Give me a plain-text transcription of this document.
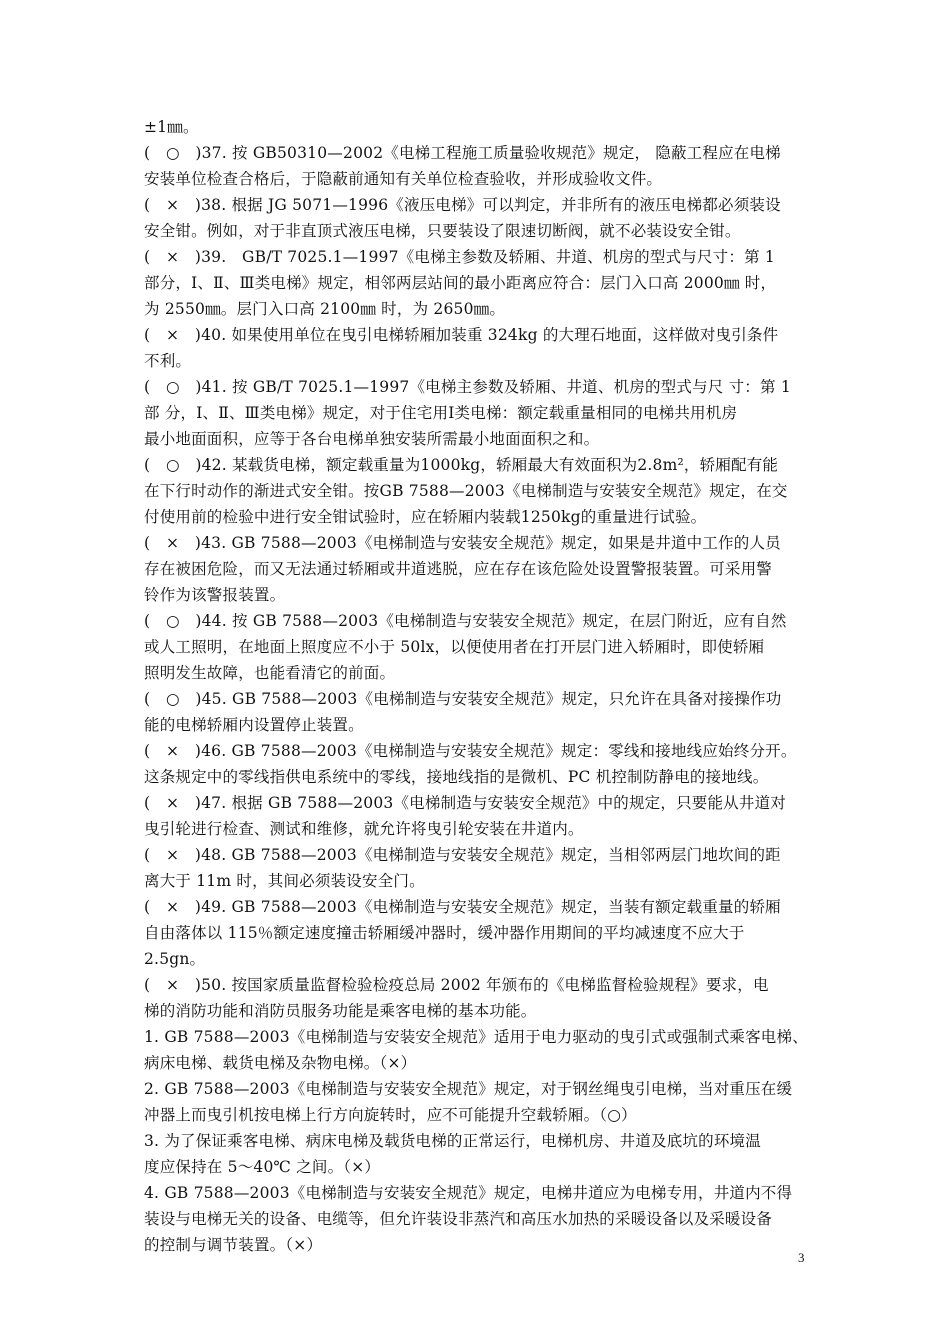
±1㎜。

(　○　)37. 按 GB50310—2002《电梯工程施工质量验收规范》规定， 隐蔽工程应在电梯

安装单位检查合格后，于隐蔽前通知有关单位检查验收，并形成验收文件。

(　×　)38. 根据 JG 5071—1996《液压电梯》可以判定，并非所有的液压电梯都必须装设

安全钳。例如，对于非直顶式液压电梯，只要装设了限速切断阀，就不必装设安全钳。

(　×　)39.　GB/T 7025.1—1997《电梯主参数及轿厢、井道、机房的型式与尺寸：第 1

部分，Ⅰ、Ⅱ、Ⅲ类电梯》规定，相邻两层站间的最小距离应符合：层门入口高 2000㎜ 时，

为 2550㎜。层门入口高 2100㎜ 时，为 2650㎜。

(　×　)40. 如果使用单位在曳引电梯轿厢加装重 324kg 的大理石地面，这样做对曳引条件

不利。

(　○　)41. 按 GB/T 7025.1—1997《电梯主参数及轿厢、井道、机房的型式与尺 寸：第 1

部 分，Ⅰ、Ⅱ、Ⅲ类电梯》规定，对于住宅用Ⅰ类电梯：额定载重量相同的电梯共用机房

最小地面面积，应等于各台电梯单独安装所需最小地面面积之和。

(　○　)42. 某载货电梯，额定载重量为1000kg，轿厢最大有效面积为2.8m²，轿厢配有能

在下行时动作的渐进式安全钳。按GB 7588—2003《电梯制造与安装安全规范》规定，在交

付使用前的检验中进行安全钳试验时，应在轿厢内装载1250kg的重量进行试验。

(　×　)43. GB 7588—2003《电梯制造与安装安全规范》规定，如果是井道中工作的人员

存在被困危险，而又无法通过轿厢或井道逃脱，应在存在该危险处设置警报装置。可采用警

铃作为该警报装置。

(　○　)44. 按 GB 7588—2003《电梯制造与安装安全规范》规定，在层门附近，应有自然

或人工照明，在地面上照度应不小于 50lx，以便使用者在打开层门进入轿厢时，即使轿厢

照明发生故障，也能看清它的前面。

(　○　)45. GB 7588—2003《电梯制造与安装安全规范》规定，只允许在具备对接操作功

能的电梯轿厢内设置停止装置。

(　×　)46. GB 7588—2003《电梯制造与安装安全规范》规定：零线和接地线应始终分开。

这条规定中的零线指供电系统中的零线，接地线指的是微机、PC 机控制防静电的接地线。

(　×　)47. 根据 GB 7588—2003《电梯制造与安装安全规范》中的规定，只要能从井道对

曳引轮进行检查、测试和维修，就允许将曳引轮安装在井道内。

(　×　)48. GB 7588—2003《电梯制造与安装安全规范》规定，当相邻两层门地坎间的距

离大于 11m 时，其间必须装设安全门。

(　×　)49. GB 7588—2003《电梯制造与安装安全规范》规定，当装有额定载重量的轿厢

自由落体以 115％额定速度撞击轿厢缓冲器时，缓冲器作用期间的平均减速度不应大于

2.5gn。

(　×　)50. 按国家质量监督检验检疫总局 2002 年颁布的《电梯监督检验规程》要求，电

梯的消防功能和消防员服务功能是乘客电梯的基本功能。

1. GB 7588—2003《电梯制造与安装安全规范》适用于电力驱动的曳引式或强制式乘客电梯、

病床电梯、载货电梯及杂物电梯。（×）

2. GB 7588—2003《电梯制造与安装安全规范》规定，对于钢丝绳曳引电梯，当对重压在缓

冲器上而曳引机按电梯上行方向旋转时，应不可能提升空载轿厢。（○）

3. 为了保证乘客电梯、病床电梯及载货电梯的正常运行，电梯机房、井道及底坑的环境温

度应保持在 5～40℃ 之间。（×）

4. GB 7588—2003《电梯制造与安装安全规范》规定，电梯井道应为电梯专用，井道内不得

装设与电梯无关的设备、电缆等，但允许装设非蒸汽和高压水加热的采暖设备以及采暖设备

的控制与调节装置。（×）

3
